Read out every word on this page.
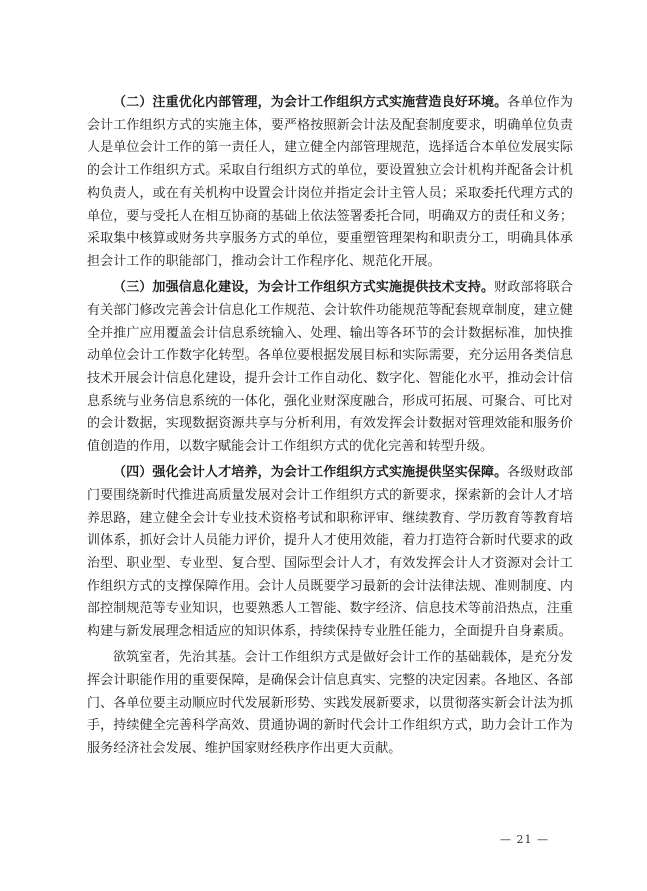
（二）注重优化内部管理，为会计工作组织方式实施营造良好环境。各单位作为会计工作组织方式的实施主体，要严格按照新会计法及配套制度要求，明确单位负责人是单位会计工作的第一责任人，建立健全内部管理规范，选择适合本单位发展实际的会计工作组织方式。采取自行组织方式的单位，要设置独立会计机构并配备会计机构负责人，或在有关机构中设置会计岗位并指定会计主管人员；采取委托代理方式的单位，要与受托人在相互协商的基础上依法签署委托合同，明确双方的责任和义务；采取集中核算或财务共享服务方式的单位，要重塑管理架构和职责分工，明确具体承担会计工作的职能部门，推动会计工作程序化、规范化开展。

（三）加强信息化建设，为会计工作组织方式实施提供技术支持。财政部将联合有关部门修改完善会计信息化工作规范、会计软件功能规范等配套规章制度，建立健全并推广应用覆盖会计信息系统输入、处理、输出等各环节的会计数据标准，加快推动单位会计工作数字化转型。各单位要根据发展目标和实际需要，充分运用各类信息技术开展会计信息化建设，提升会计工作自动化、数字化、智能化水平，推动会计信息系统与业务信息系统的一体化，强化业财深度融合，形成可拓展、可聚合、可比对的会计数据，实现数据资源共享与分析利用，有效发挥会计数据对管理效能和服务价值创造的作用，以数字赋能会计工作组织方式的优化完善和转型升级。

（四）强化会计人才培养，为会计工作组织方式实施提供坚实保障。各级财政部门要围绕新时代推进高质量发展对会计工作组织方式的新要求，探索新的会计人才培养思路，建立健全会计专业技术资格考试和职称评审、继续教育、学历教育等教育培训体系，抓好会计人员能力评价，提升人才使用效能，着力打造符合新时代要求的政治型、职业型、专业型、复合型、国际型会计人才，有效发挥会计人才资源对会计工作组织方式的支撑保障作用。会计人员既要学习最新的会计法律法规、准则制度、内部控制规范等专业知识，也要熟悉人工智能、数字经济、信息技术等前沿热点，注重构建与新发展理念相适应的知识体系，持续保持专业胜任能力，全面提升自身素质。

欲筑室者，先治其基。会计工作组织方式是做好会计工作的基础载体，是充分发挥会计职能作用的重要保障，是确保会计信息真实、完整的决定因素。各地区、各部门、各单位要主动顺应时代发展新形势、实践发展新要求，以贯彻落实新会计法为抓手，持续健全完善科学高效、贯通协调的新时代会计工作组织方式，助力会计工作为服务经济社会发展、维护国家财经秩序作出更大贡献。

— 21 —
